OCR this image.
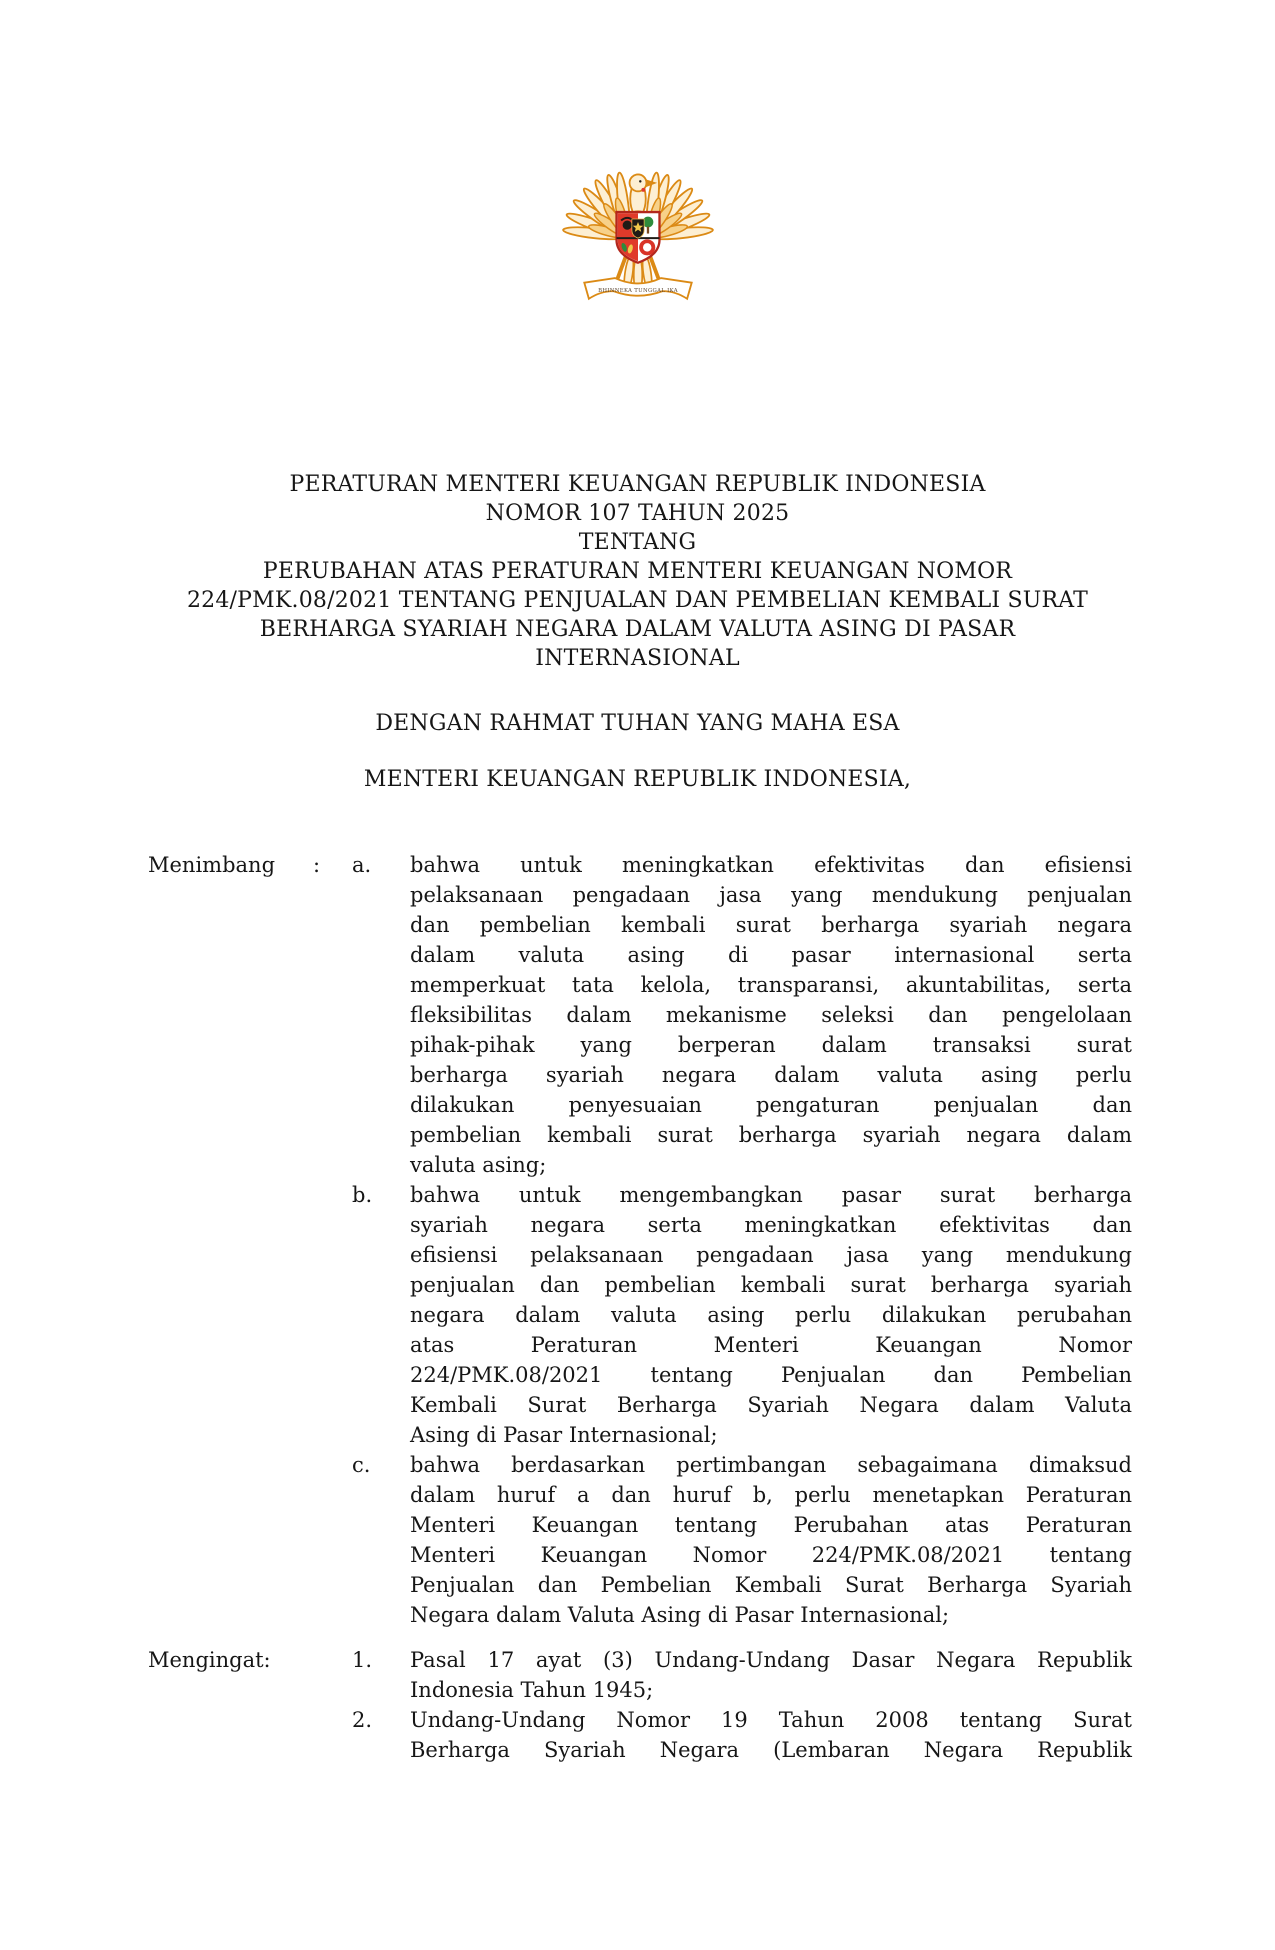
BHINNEKA TUNGGAL IKA
PERATURAN MENTERI KEUANGAN REPUBLIK INDONESIA
NOMOR 107 TAHUN 2025
TENTANG
PERUBAHAN ATAS PERATURAN MENTERI KEUANGAN NOMOR
224/PMK.08/2021 TENTANG PENJUALAN DAN PEMBELIAN KEMBALI SURAT
BERHARGA SYARIAH NEGARA DALAM VALUTA ASING DI PASAR
INTERNASIONAL
DENGAN RAHMAT TUHAN YANG MAHA ESA
MENTERI KEUANGAN REPUBLIK INDONESIA,
Menimbang	: a.	bahwa untuk meningkatkan efektivitas dan efisiensi
pelaksanaan pengadaan jasa yang mendukung penjualan
dan pembelian kembali surat berharga syariah negara
dalam valuta asing di pasar internasional serta
memperkuat tata kelola, transparansi, akuntabilitas, serta
fleksibilitas dalam mekanisme seleksi dan pengelolaan
pihak-pihak yang berperan dalam transaksi surat
berharga syariah negara dalam valuta asing perlu
dilakukan penyesuaian pengaturan penjualan dan
pembelian kembali surat berharga syariah negara dalam
valuta asing;
b.	bahwa untuk mengembangkan pasar surat berharga
syariah negara serta meningkatkan efektivitas dan
efisiensi pelaksanaan pengadaan jasa yang mendukung
penjualan dan pembelian kembali surat berharga syariah
negara dalam valuta asing perlu dilakukan perubahan
atas Peraturan Menteri Keuangan Nomor
224/PMK.08/2021 tentang Penjualan dan Pembelian
Kembali Surat Berharga Syariah Negara dalam Valuta
Asing di Pasar Internasional;
c.	bahwa berdasarkan pertimbangan sebagaimana dimaksud
dalam huruf a dan huruf b, perlu menetapkan Peraturan
Menteri Keuangan tentang Perubahan atas Peraturan
Menteri Keuangan Nomor 224/PMK.08/2021 tentang
Penjualan dan Pembelian Kembali Surat Berharga Syariah
Negara dalam Valuta Asing di Pasar Internasional;
Mengingat:	1.	Pasal 17 ayat (3) Undang-Undang Dasar Negara Republik
Indonesia Tahun 1945;
2.	Undang-Undang Nomor 19 Tahun 2008 tentang Surat
Berharga Syariah Negara (Lembaran Negara Republik
